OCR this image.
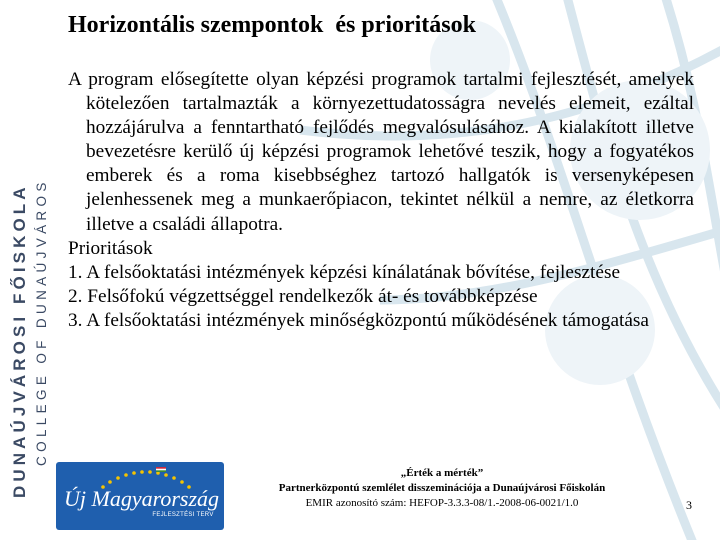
DUNAÚJVÁROSI FŐISKOLA COLLEGE OF DUNAÚJVÁROS
Horizontális szempontok  és prioritások

A program elősegítette olyan képzési programok tartalmi fejlesztését, amelyek kötelezően tartalmazták a környezettudatosságra nevelés elemeit, ezáltal hozzájárulva a fenntartható fejlődés megvalósulásához. A kialakított illetve bevezetésre kerülő új képzési programok lehetővé teszik, hogy a fogyatékos emberek és a roma kisebbséghez tartozó hallgatók is versenyképesen jelenhessenek meg a munkaerőpiacon, tekintet nélkül a nemre, az életkorra illetve a családi állapotra.

Prioritások

1. A felsőoktatási intézmények képzési kínálatának bővítése, fejlesztése

2. Felsőfokú végzettséggel rendelkezők át- és továbbképzése

3. A felsőoktatási intézmények minőségközpontú működésének támogatása

Új Magyarország
FEJLESZTÉSI TERV
„Érték a mérték”
Partnerközpontú szemlélet disszeminációja a Dunaújvárosi Főiskolán
EMIR azonosító szám: HEFOP-3.3.3-08/1.-2008-06-0021/1.0	3
